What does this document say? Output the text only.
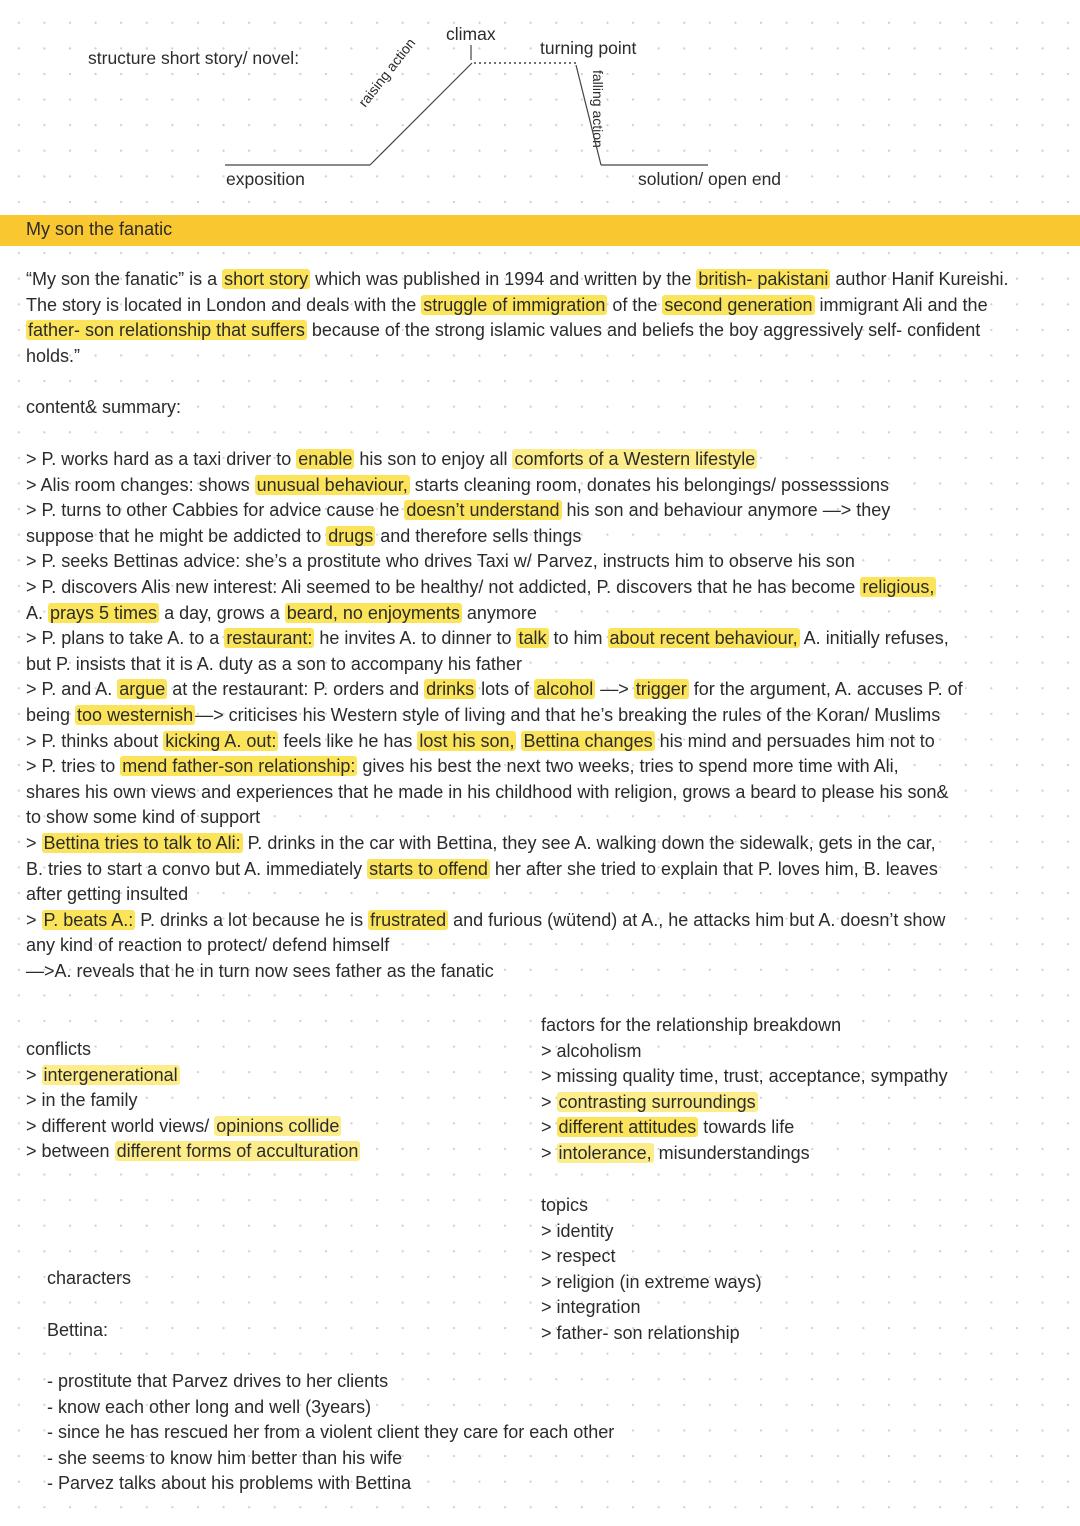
structure short story/ novel:
climax
turning point
exposition	solution/ open end
raising action	falling action
My son the fanatic

“My son the fanatic” is a short story which was published in 1994 and written by the british- pakistani author Hanif Kureishi. The story is located in London and deals with the struggle of immigration of the second generation immigrant Ali and the father- son relationship that suffers because of the strong islamic values and beliefs the boy aggressively self- confident holds.”

content& summary:

> P. works hard as a taxi driver to enable his son to enjoy all comforts of a Western lifestyle

> Alis room changes: shows unusual behaviour, starts cleaning room, donates his belongings/ possesssions

> P. turns to other Cabbies for advice cause he doesn’t understand his son and behaviour anymore —> they

suppose that he might be addicted to drugs and therefore sells things

> P. seeks Bettinas advice: she’s a prostitute who drives Taxi w/ Parvez, instructs him to observe his son

> P. discovers Alis new interest: Ali seemed to be healthy/ not addicted, P. discovers that he has become religious,

A. prays 5 times a day, grows a beard, no enjoyments anymore

> P. plans to take A. to a restaurant: he invites A. to dinner to talk to him about recent behaviour, A. initially refuses,

but P. insists that it is A. duty as a son to accompany his father

> P. and A. argue at the restaurant: P. orders and drinks lots of alcohol —> trigger for the argument, A. accuses P. of

being too westernish —> criticises his Western style of living and that he’s breaking the rules of the Koran/ Muslims

> P. thinks about kicking A. out: feels like he has lost his son, Bettina changes his mind and persuades him not to

> P. tries to mend father-son relationship: gives his best the next two weeks, tries to spend more time with Ali,

shares his own views and experiences that he made in his childhood with religion, grows a beard to please his son&

to show some kind of support

> Bettina tries to talk to Ali: P. drinks in the car with Bettina, they see A. walking down the sidewalk, gets in the car,

B. tries to start a convo but A. immediately starts to offend her after she tried to explain that P. loves him, B. leaves

after getting insulted

> P. beats A.: P. drinks a lot because he is frustrated and furious (wütend) at A., he attacks him but A. doesn’t show

any kind of reaction to protect/ defend himself

—>A. reveals that he in turn now sees father as the fanatic

conflicts

> intergenerational

> in the family

> different world views/ opinions collide

> between different forms of acculturation

factors for the relationship breakdown

> alcoholism

> missing quality time, trust, acceptance, sympathy

> contrasting surroundings

> different attitudes towards life

> intolerance, misunderstandings

topics

> identity

> respect

> religion (in extreme ways)

> integration

> father- son relationship

characters
Bettina:

- prostitute that Parvez drives to her clients

- know each other long and well (3years)

- since he has rescued her from a violent client they care for each other

- she seems to know him better than his wife

- Parvez talks about his problems with Bettina
